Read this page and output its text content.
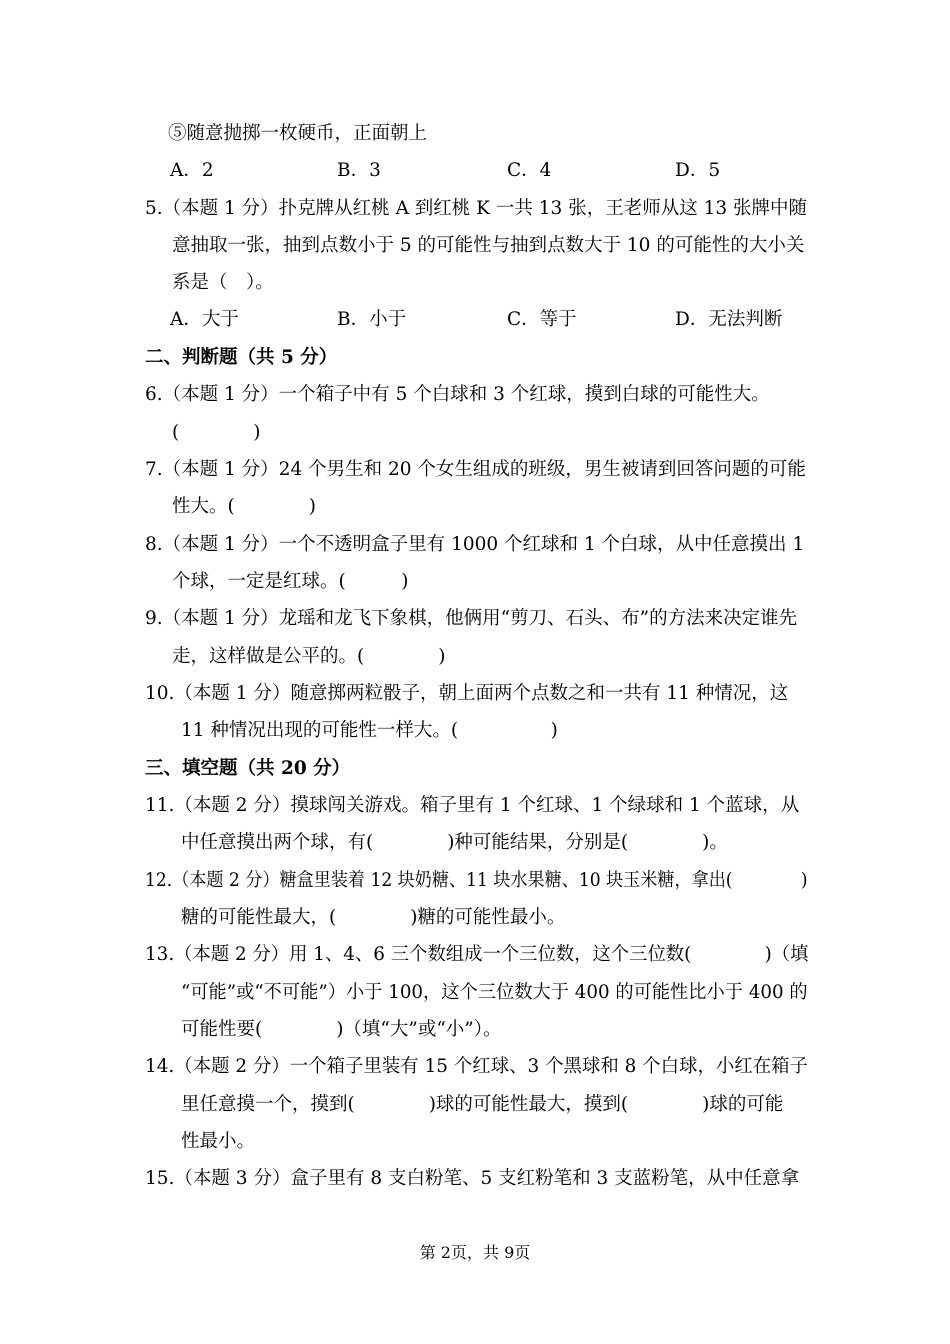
⑤随意抛掷一枚硬币，正面朝上
A．2	B．3	C．4	D．5
5.（本题 1 分）扑克牌从红桃 A 到红桃 K 一共 13 张，王老师从这 13 张牌中随
意抽取一张，抽到点数小于 5 的可能性与抽到点数大于 10 的可能性的大小关
系是（　）。
A．大于	B．小于	C．等于	D．无法判断
二、判断题（共 5 分）
6.（本题 1 分）一个箱子中有 5 个白球和 3 个红球，摸到白球的可能性大。
(　　　　)
7.（本题 1 分）24 个男生和 20 个女生组成的班级，男生被请到回答问题的可能
性大。(　　　　)
8.（本题 1 分）一个不透明盒子里有 1000 个红球和 1 个白球，从中任意摸出 1
个球，一定是红球。(　　　)
9.（本题 1 分）龙瑶和龙飞下象棋，他俩用“剪刀、石头、布”的方法来决定谁先
走，这样做是公平的。(　　　　)
10.（本题 1 分）随意掷两粒骰子，朝上面两个点数之和一共有 11 种情况，这
11 种情况出现的可能性一样大。(　　　　　)
三、填空题（共 20 分）
11.（本题 2 分）摸球闯关游戏。箱子里有 1 个红球、1 个绿球和 1 个蓝球，从
中任意摸出两个球，有(　　　　)种可能结果，分别是(　　　　)。
12.（本题 2 分）糖盒里装着 12 块奶糖、11 块水果糖、10 块玉米糖，拿出(　　　　)
糖的可能性最大，(　　　　)糖的可能性最小。
13.（本题 2 分）用 1、4、6 三个数组成一个三位数，这个三位数(　　　　)（填
“可能”或“不可能”）小于 100，这个三位数大于 400 的可能性比小于 400 的
可能性要(　　　　)（填“大”或“小”）。
14.（本题 2 分）一个箱子里装有 15 个红球、3 个黑球和 8 个白球，小红在箱子
里任意摸一个，摸到(　　　　)球的可能性最大，摸到(　　　　)球的可能
性最小。
15.（本题 3 分）盒子里有 8 支白粉笔、5 支红粉笔和 3 支蓝粉笔，从中任意拿
第 2页，共 9页
